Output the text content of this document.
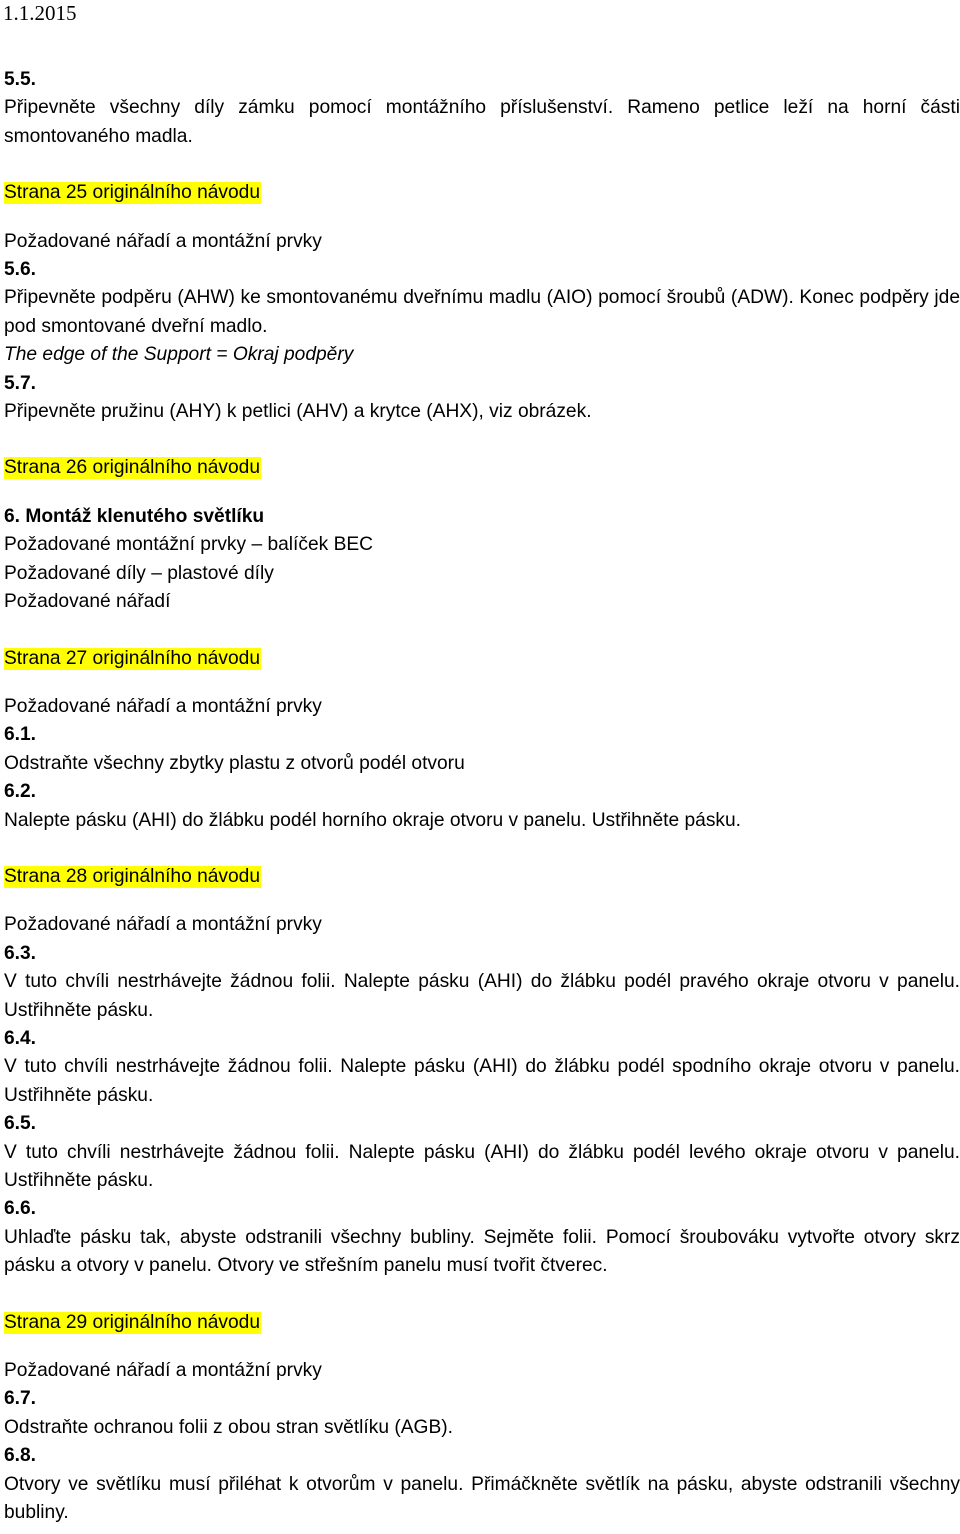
1.1.2015
5.5.
Připevněte všechny díly zámku pomocí montážního příslušenství. Rameno petlice leží na horní části smontovaného madla.
Strana 25 originálního návodu
Požadované nářadí a montážní prvky
5.6.
Připevněte podpěru (AHW) ke smontovanému dveřnímu madlu (AIO) pomocí šroubů (ADW). Konec podpěry jde pod smontované dveřní madlo.
The edge of the Support = Okraj podpěry
5.7.
Připevněte pružinu (AHY) k petlici (AHV) a krytce (AHX), viz obrázek.
Strana 26 originálního návodu
6. Montáž klenutého světlíku
Požadované montážní prvky – balíček BEC
Požadované díly – plastové díly
Požadované nářadí
Strana 27 originálního návodu
Požadované nářadí a montážní prvky
6.1.
Odstraňte všechny zbytky plastu z otvorů podél otvoru
6.2.
Nalepte pásku (AHI) do žlábku podél horního okraje otvoru v panelu. Ustřihněte pásku.
Strana 28 originálního návodu
Požadované nářadí a montážní prvky
6.3.
V tuto chvíli nestrhávejte žádnou folii. Nalepte pásku (AHI) do žlábku podél pravého okraje otvoru v panelu. Ustřihněte pásku.
6.4.
V tuto chvíli nestrhávejte žádnou folii. Nalepte pásku (AHI) do žlábku podél spodního okraje otvoru v panelu. Ustřihněte pásku.
6.5.
V tuto chvíli nestrhávejte žádnou folii. Nalepte pásku (AHI) do žlábku podél levého okraje otvoru v panelu. Ustřihněte pásku.
6.6.
Uhlaďte pásku tak, abyste odstranili všechny bubliny. Sejměte folii. Pomocí šroubováku vytvořte otvory skrz pásku a otvory v panelu. Otvory ve střešním panelu musí tvořit čtverec.
Strana 29 originálního návodu
Požadované nářadí a montážní prvky
6.7.
Odstraňte ochranou folii z obou stran světlíku (AGB).
6.8.
Otvory ve světlíku musí přiléhat k otvorům v panelu. Přimáčkněte světlík na pásku, abyste odstranili všechny bubliny.
